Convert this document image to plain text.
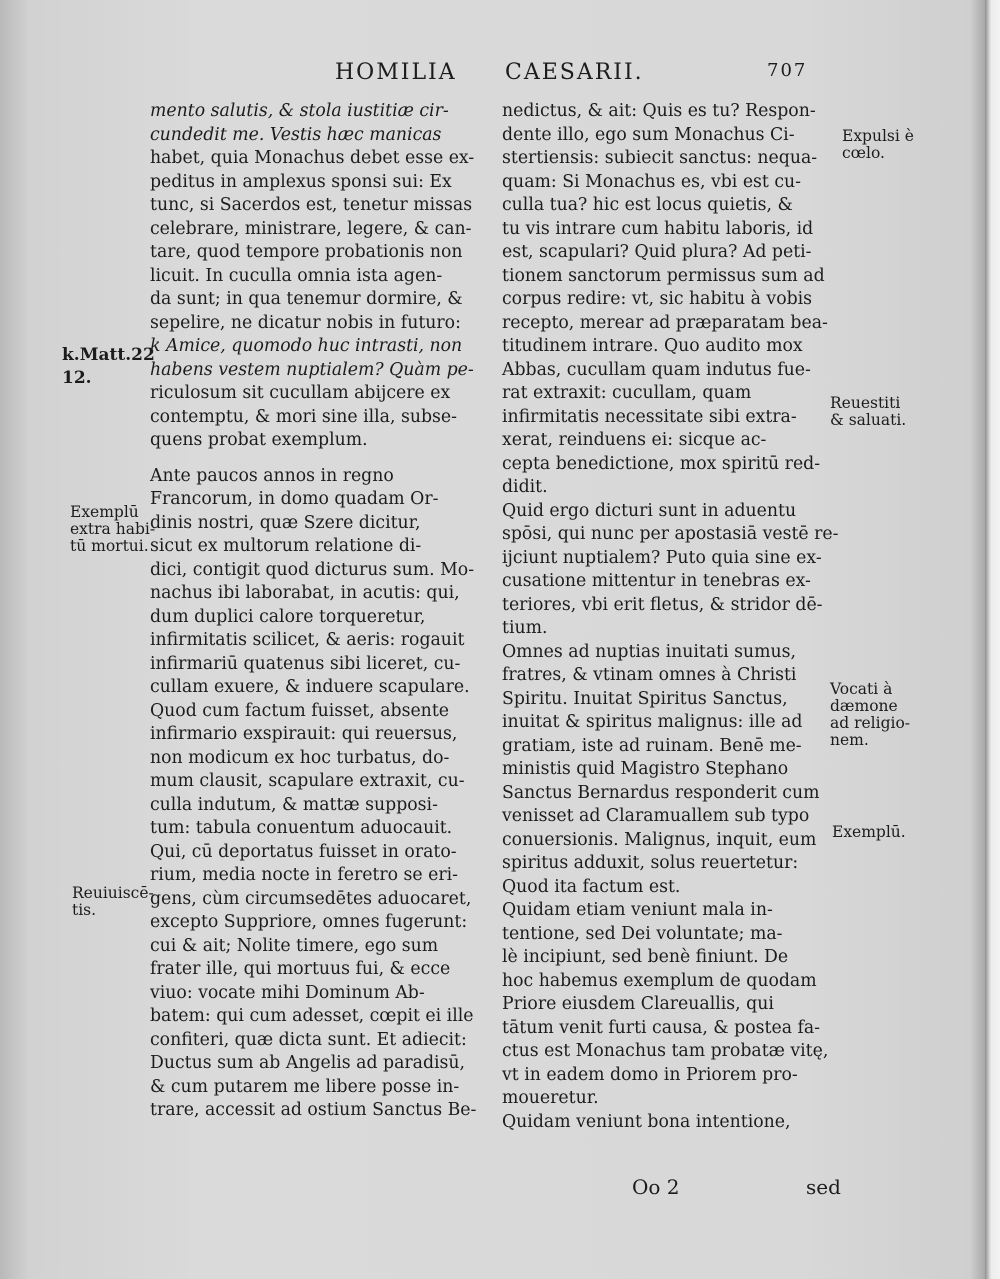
HOMILIA CAESARII.	707
mento salutis, & stola iustitiæ cir-
cundedit me. Vestis hæc manicas
habet, quia Monachus debet esse ex-
peditus in amplexus sponsi sui: Ex
tunc, si Sacerdos est, tenetur missas
celebrare, ministrare, legere, & can-
tare, quod tempore probationis non
licuit. In cuculla omnia ista agen-
da sunt; in qua tenemur dormire, &
sepelire, ne dicatur nobis in futuro:
k Amice, quomodo huc intrasti, non
habens vestem nuptialem? Quàm pe-
riculosum sit cucullam abijcere ex
contemptu, & mori sine illa, subse-
quens probat exemplum.
Ante paucos annos in regno
Francorum, in domo quadam Or-
dinis nostri, quæ Szere dicitur,
sicut ex multorum relatione di-
dici, contigit quod dicturus sum. Mo-
nachus ibi laborabat, in acutis: qui,
dum duplici calore torqueretur,
infirmitatis scilicet, & aeris: rogauit
infirmariū quatenus sibi liceret, cu-
cullam exuere, & induere scapulare.
Quod cum factum fuisset, absente
infirmario exspirauit: qui reuersus,
non modicum ex hoc turbatus, do-
mum clausit, scapulare extraxit, cu-
culla indutum, & mattæ supposi-
tum: tabula conuentum aduocauit.
Qui, cū deportatus fuisset in orato-
rium, media nocte in feretro se eri-
gens, cùm circumsedētes aduocaret,
excepto Suppriore, omnes fugerunt:
cui & ait; Nolite timere, ego sum
frater ille, qui mortuus fui, & ecce
viuo: vocate mihi Dominum Ab-
batem: qui cum adesset, cœpit ei ille
confiteri, quæ dicta sunt. Et adiecit:
Ductus sum ab Angelis ad paradisū,
& cum putarem me libere posse in-
trare, accessit ad ostium Sanctus Be-
nedictus, & ait: Quis es tu? Respon-
dente illo, ego sum Monachus Ci-
stertiensis: subiecit sanctus: nequa-
quam: Si Monachus es, vbi est cu-
culla tua? hic est locus quietis, &
tu vis intrare cum habitu laboris, id
est, scapulari? Quid plura? Ad peti-
tionem sanctorum permissus sum ad
corpus redire: vt, sic habitu à vobis
recepto, merear ad præparatam bea-
titudinem intrare. Quo audito mox
Abbas, cucullam quam indutus fue-
rat extraxit: cucullam, quam
infirmitatis necessitate sibi extra-
xerat, reinduens ei: sicque ac-
cepta benedictione, mox spiritū red-
didit.
Quid ergo dicturi sunt in aduentu
spōsi, qui nunc per apostasiā vestē re-
ijciunt nuptialem? Puto quia sine ex-
cusatione mittentur in tenebras ex-
teriores, vbi erit fletus, & stridor dē-
tium.
Omnes ad nuptias inuitati sumus,
fratres, & vtinam omnes à Christi
Spiritu. Inuitat Spiritus Sanctus,
inuitat & spiritus malignus: ille ad
gratiam, iste ad ruinam. Benē me-
ministis quid Magistro Stephano
Sanctus Bernardus responderit cum
venisset ad Claramuallem sub typo
conuersionis. Malignus, inquit, eum
spiritus adduxit, solus reuertetur:
Quod ita factum est.
Quidam etiam veniunt mala in-
tentione, sed Dei voluntate; ma-
lè incipiunt, sed benè finiunt. De
hoc habemus exemplum de quodam
Priore eiusdem Clareuallis, qui
tātum venit furti causa, & postea fa-
ctus est Monachus tam probatæ vitę,
vt in eadem domo in Priorem pro-
moueretur.
Quidam veniunt bona intentione,
k.Matt.22
12.
Exemplū
extra habi-
tū mortui.
Reuiuiscē-
tis.
Expulsi è
cœlo.
Reuestiti
& saluati.
Vocati à
dæmone
ad religio-
nem.
Exemplū.
Oo 2	sed
